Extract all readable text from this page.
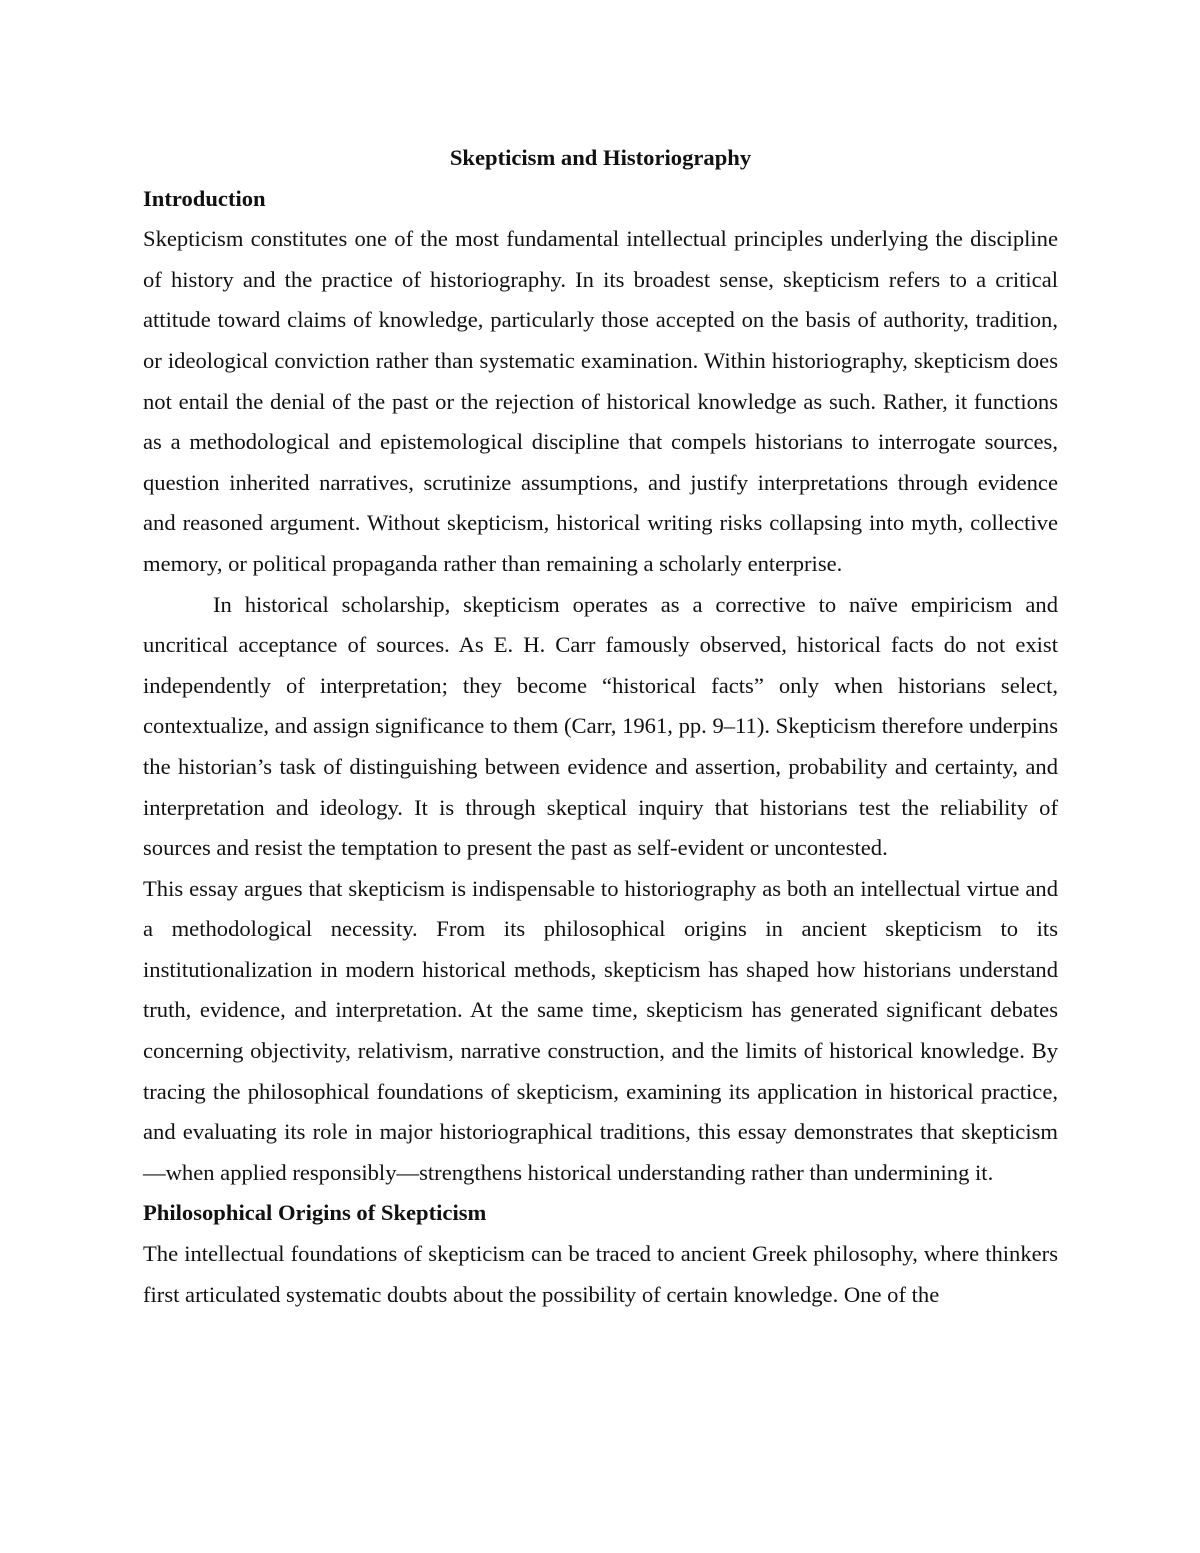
Skepticism and Historiography

Introduction

Skepticism constitutes one of the most fundamental intellectual principles underlying the discipline of history and the practice of historiography. In its broadest sense, skepticism refers to a critical attitude toward claims of knowledge, particularly those accepted on the basis of authority, tradition, or ideological conviction rather than systematic examination. Within historiography, skepticism does not entail the denial of the past or the rejection of historical knowledge as such. Rather, it functions as a methodological and epistemological discipline that compels historians to interrogate sources, question inherited narratives, scrutinize assumptions, and justify interpretations through evidence and reasoned argument. Without skepticism, historical writing risks collapsing into myth, collective memory, or political propaganda rather than remaining a scholarly enterprise.

In historical scholarship, skepticism operates as a corrective to naïve empiricism and uncritical acceptance of sources. As E. H. Carr famously observed, historical facts do not exist independently of interpretation; they become “historical facts” only when historians select, contextualize, and assign significance to them (Carr, 1961, pp. 9–11). Skepticism therefore underpins the historian’s task of distinguishing between evidence and assertion, probability and certainty, and interpretation and ideology. It is through skeptical inquiry that historians test the reliability of sources and resist the temptation to present the past as self-evident or uncontested.

This essay argues that skepticism is indispensable to historiography as both an intellectual virtue and a methodological necessity. From its philosophical origins in ancient skepticism to its institutionalization in modern historical methods, skepticism has shaped how historians understand truth, evidence, and interpretation. At the same time, skepticism has generated significant debates concerning objectivity, relativism, narrative construction, and the limits of historical knowledge. By tracing the philosophical foundations of skepticism, examining its application in historical practice, and evaluating its role in major historiographical traditions, this essay demonstrates that skepticism—when applied responsibly—strengthens historical understanding rather than undermining it.

Philosophical Origins of Skepticism

The intellectual foundations of skepticism can be traced to ancient Greek philosophy, where thinkers first articulated systematic doubts about the possibility of certain knowledge. One of the
